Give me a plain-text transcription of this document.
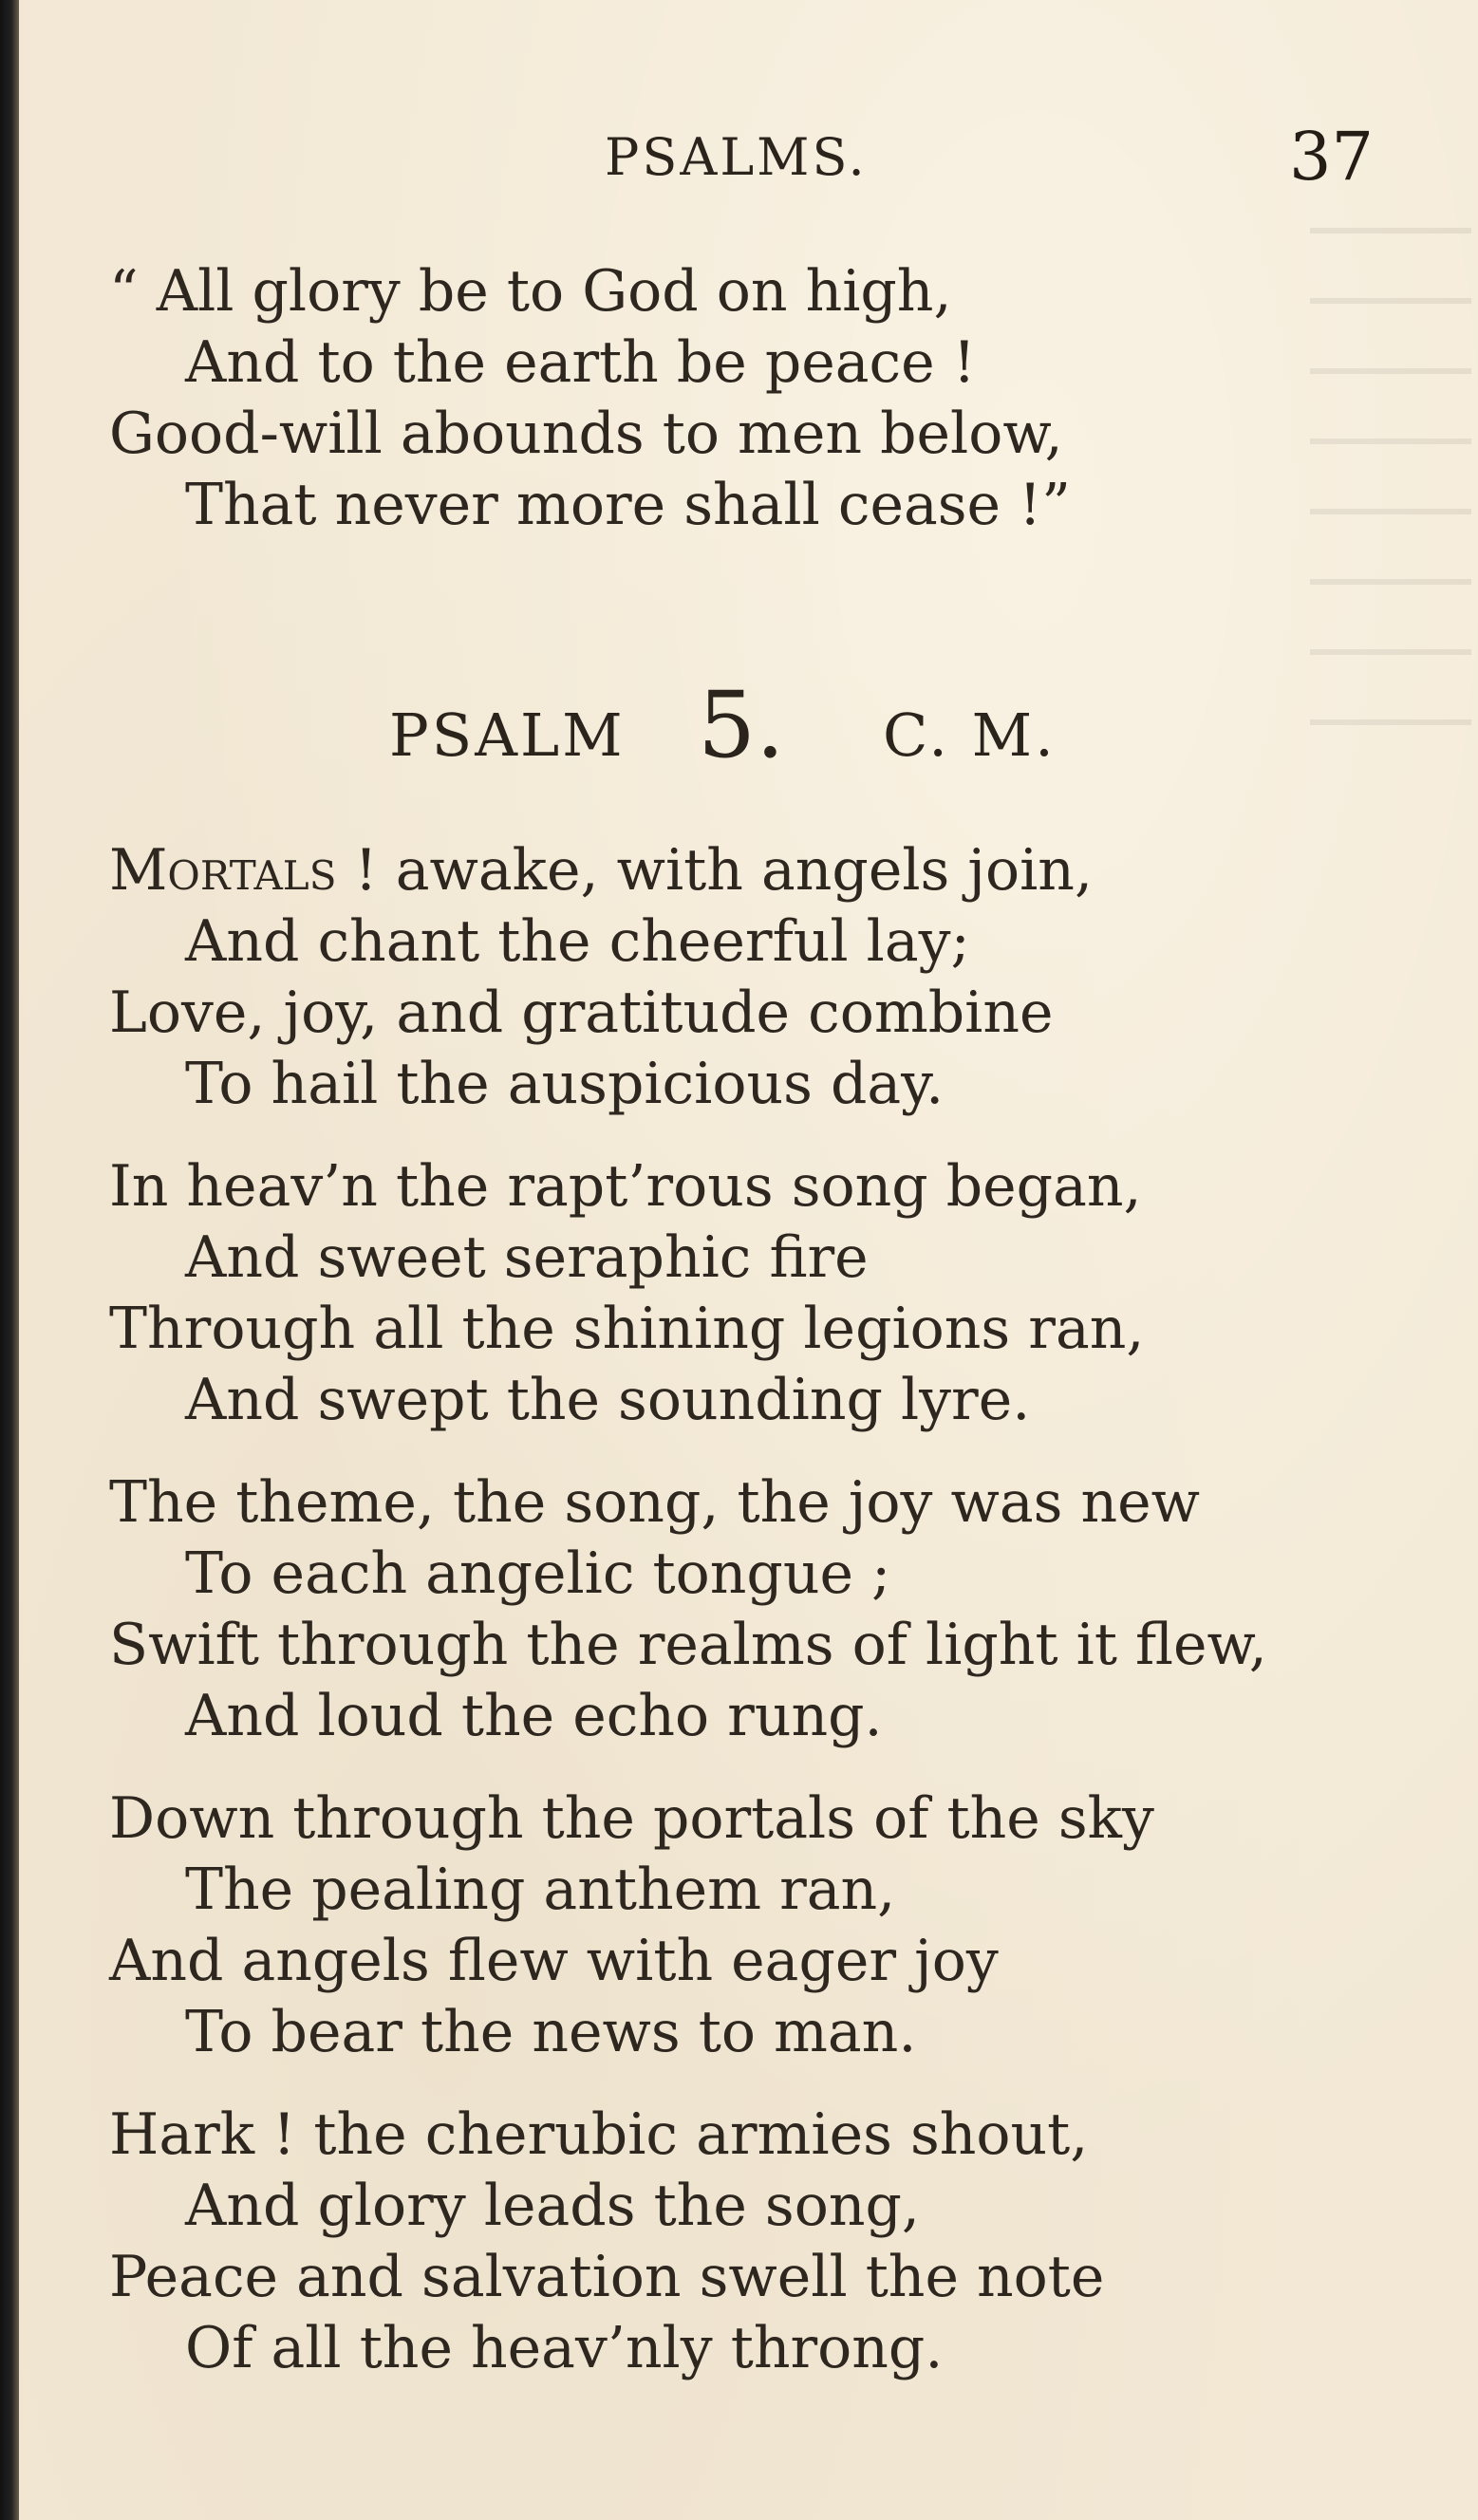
PSALMS.	37
“ All glory be to God on high,
And to the earth be peace !
Good-will abounds to men below,
That never more shall cease !”
PSALM 5. C. M.
Mortals ! awake, with angels join,
And chant the cheerful lay;
Love, joy, and gratitude combine
To hail the auspicious day.
In heav’n the rapt’rous song began,
And sweet seraphic fire
Through all the shining legions ran,
And swept the sounding lyre.
The theme, the song, the joy was new
To each angelic tongue ;
Swift through the realms of light it flew,
And loud the echo rung.
Down through the portals of the sky
The pealing anthem ran,
And angels flew with eager joy
To bear the news to man.
Hark ! the cherubic armies shout,
And glory leads the song,
Peace and salvation swell the note
Of all the heav’nly throng.
